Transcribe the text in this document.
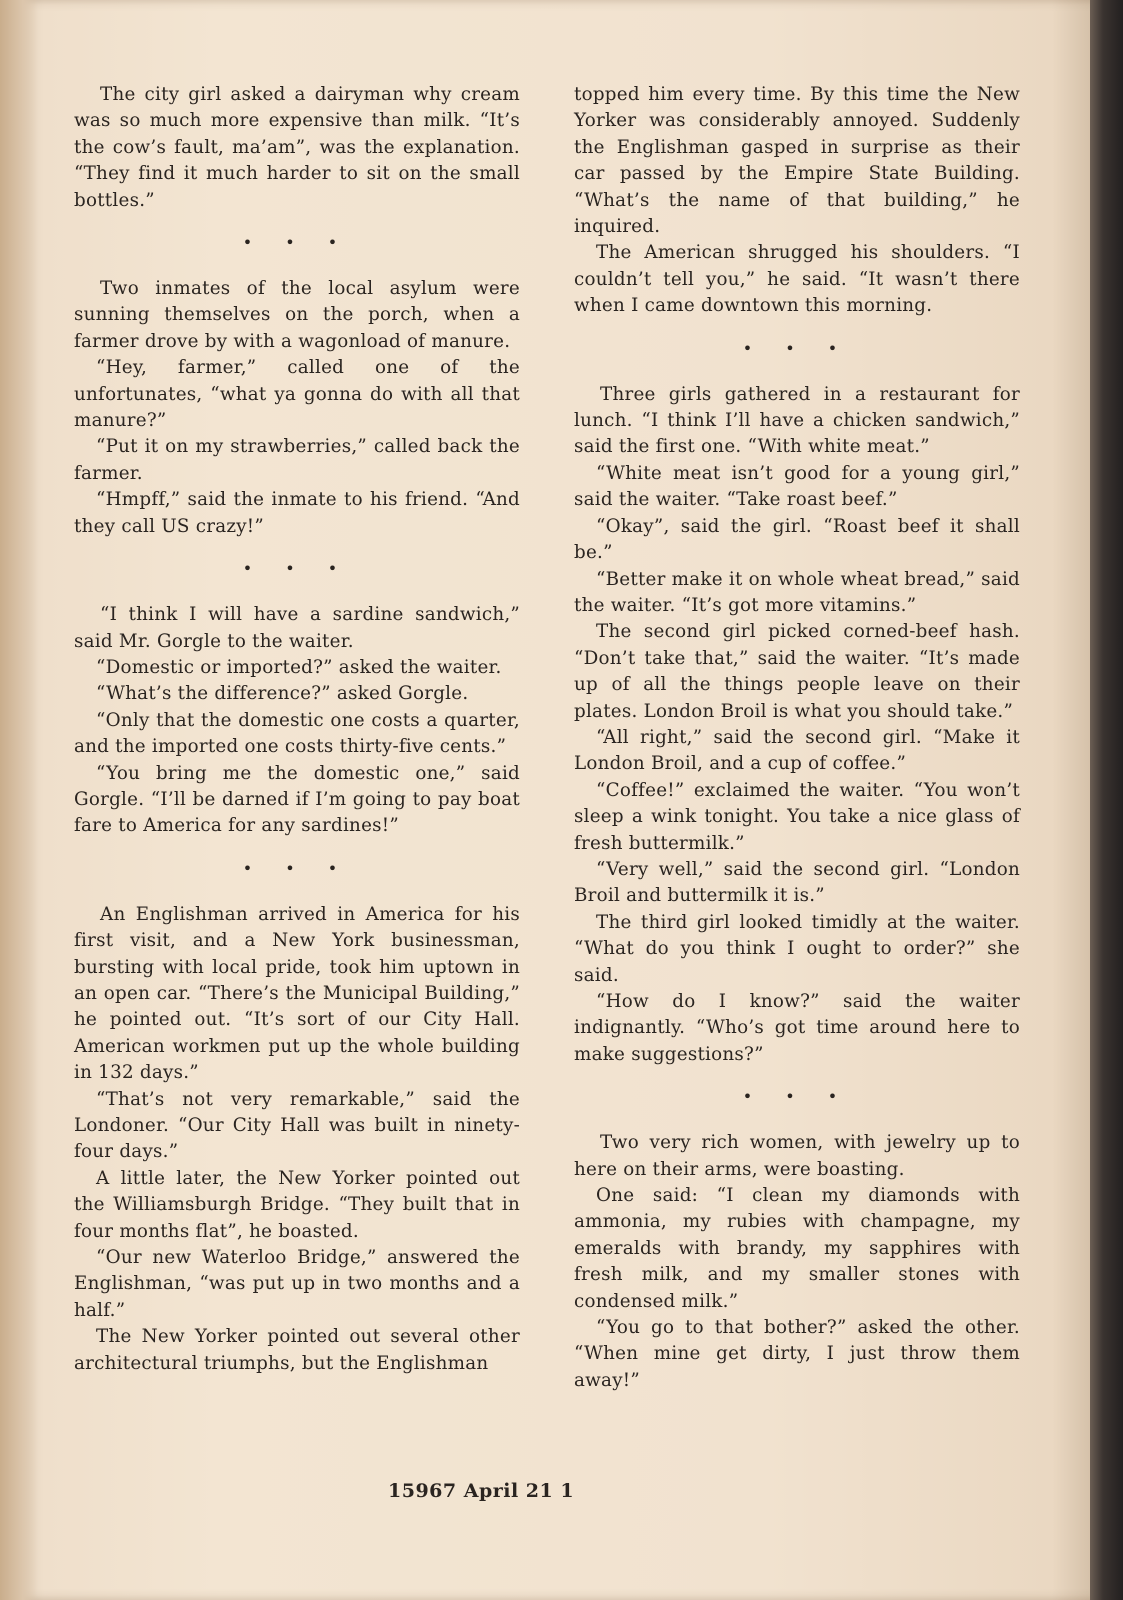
The city girl asked a dairyman why cream was so much more expensive than milk. “It’s the cow’s fault, ma’am”, was the explanation. “They find it much harder to sit on the small bottles.”

• • •

Two inmates of the local asylum were sunning themselves on the porch, when a farmer drove by with a wagonload of manure.

“Hey, farmer,” called one of the unfortunates, “what ya gonna do with all that manure?”

“Put it on my strawberries,” called back the farmer.

“Hmpff,” said the inmate to his friend. “And they call US crazy!”

• • •

“I think I will have a sardine sandwich,” said Mr. Gorgle to the waiter.

“Domestic or imported?” asked the waiter.

“What’s the difference?” asked Gorgle.

“Only that the domestic one costs a quarter, and the imported one costs thirty-five cents.”

“You bring me the domestic one,” said Gorgle. “I’ll be darned if I’m going to pay boat fare to America for any sardines!”

• • •

An Englishman arrived in America for his first visit, and a New York businessman, bursting with local pride, took him uptown in an open car. “There’s the Municipal Building,” he pointed out. “It’s sort of our City Hall. American workmen put up the whole building in 132 days.”

“That’s not very remarkable,” said the Londoner. “Our City Hall was built in ninety-four days.”

A little later, the New Yorker pointed out the Williamsburgh Bridge. “They built that in four months flat”, he boasted.

“Our new Waterloo Bridge,” answered the Englishman, “was put up in two months and a half.”

The New Yorker pointed out several other architectural triumphs, but the Englishman

topped him every time. By this time the New Yorker was considerably annoyed. Suddenly the Englishman gasped in surprise as their car passed by the Empire State Building. “What’s the name of that building,” he inquired.

The American shrugged his shoulders. “I couldn’t tell you,” he said. “It wasn’t there when I came downtown this morning.

• • •

Three girls gathered in a restaurant for lunch. “I think I’ll have a chicken sandwich,” said the first one. “With white meat.”

“White meat isn’t good for a young girl,” said the waiter. “Take roast beef.”

“Okay”, said the girl. “Roast beef it shall be.”

“Better make it on whole wheat bread,” said the waiter. “It’s got more vitamins.”

The second girl picked corned-beef hash. “Don’t take that,” said the waiter. “It’s made up of all the things people leave on their plates. London Broil is what you should take.”

“All right,” said the second girl. “Make it London Broil, and a cup of coffee.”

“Coffee!” exclaimed the waiter. “You won’t sleep a wink tonight. You take a nice glass of fresh buttermilk.”

“Very well,” said the second girl. “London Broil and buttermilk it is.”

The third girl looked timidly at the waiter. “What do you think I ought to order?” she said.

“How do I know?” said the waiter indignantly. “Who’s got time around here to make suggestions?”

• • •

Two very rich women, with jewelry up to here on their arms, were boasting.

One said: “I clean my diamonds with ammonia, my rubies with champagne, my emeralds with brandy, my sapphires with fresh milk, and my smaller stones with condensed milk.”

“You go to that bother?” asked the other. “When mine get dirty, I just throw them away!”

15967 April 21 1
